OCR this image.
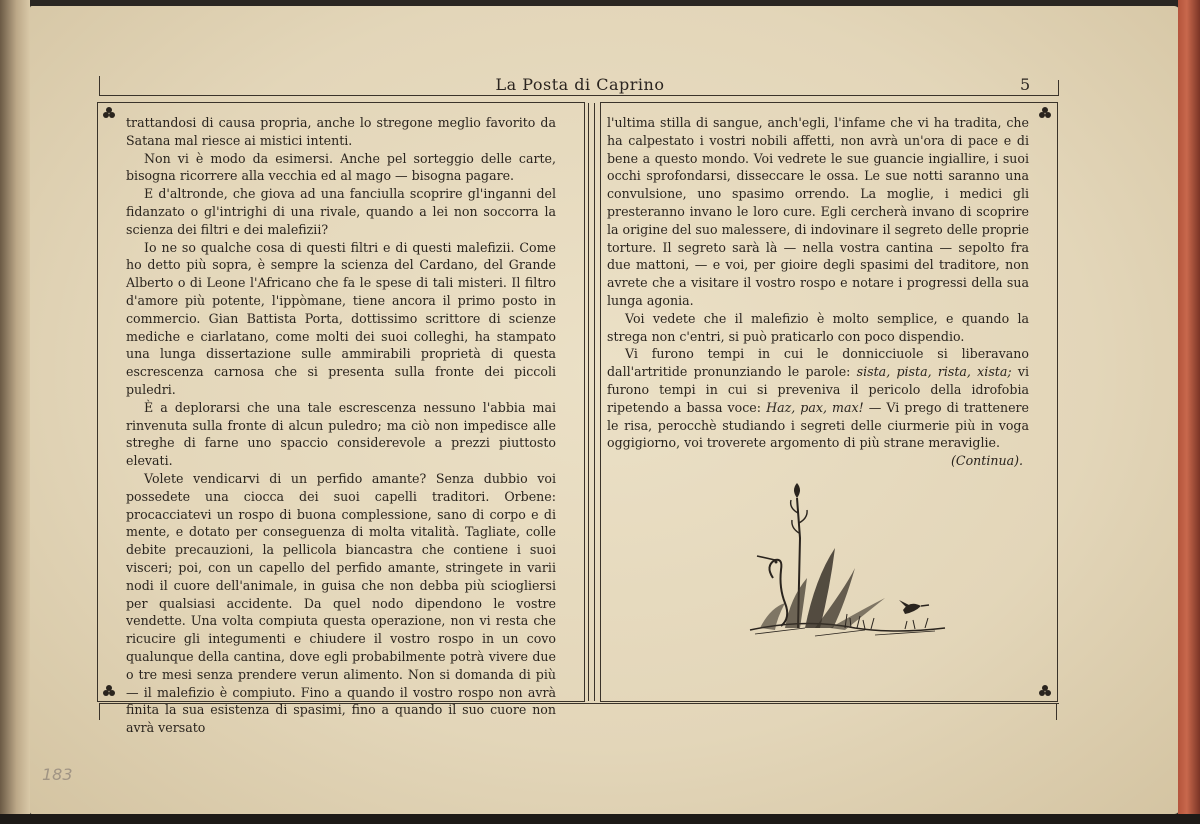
La Posta di Caprino	5

trattandosi di causa propria, anche lo stregone meglio favorito da Satana mal riesce ai mistici intenti.

Non vi è modo da esimersi. Anche pel sorteggio delle carte, bisogna ricorrere alla vecchia ed al mago — bisogna pagare.

E d'altronde, che giova ad una fanciulla scoprire gl'inganni del fidanzato o gl'intrighi di una rivale, quando a lei non soccorra la scienza dei filtri e dei malefizii?

Io ne so qualche cosa di questi filtri e di questi malefizii. Come ho detto più sopra, è sempre la scienza del Cardano, del Grande Alberto o di Leone l'Africano che fa le spese di tali misteri. Il filtro d'amore più potente, l'ippòmane, tiene ancora il primo posto in commercio. Gian Battista Porta, dottissimo scrittore di scienze mediche e ciarlatano, come molti dei suoi colleghi, ha stampato una lunga dissertazione sulle ammirabili proprietà di questa escrescenza carnosa che si presenta sulla fronte dei piccoli puledri.

È a deplorarsi che una tale escrescenza nessuno l'abbia mai rinvenuta sulla fronte di alcun puledro; ma ciò non impedisce alle streghe di farne uno spaccio considerevole a prezzi piuttosto elevati.

Volete vendicarvi di un perfido amante? Senza dubbio voi possedete una ciocca dei suoi capelli traditori. Orbene: procacciatevi un rospo di buona complessione, sano di corpo e di mente, e dotato per conseguenza di molta vitalità. Tagliate, colle debite precauzioni, la pellicola biancastra che contiene i suoi visceri; poi, con un capello del perfido amante, stringete in varii nodi il cuore dell'animale, in guisa che non debba più sciogliersi per qualsiasi accidente. Da quel nodo dipendono le vostre vendette. Una volta compiuta questa operazione, non vi resta che ricucire gli integumenti e chiudere il vostro rospo in un covo qualunque della cantina, dove egli probabilmente potrà vivere due o tre mesi senza prendere verun alimento. Non si domanda di più — il malefizio è compiuto. Fino a quando il vostro rospo non avrà finita la sua esistenza di spasimi, fino a quando il suo cuore non avrà versato

l'ultima stilla di sangue, anch'egli, l'infame che vi ha tradita, che ha calpestato i vostri nobili affetti, non avrà un'ora di pace e di bene a questo mondo. Voi vedrete le sue guancie ingiallire, i suoi occhi sprofondarsi, disseccare le ossa. Le sue notti saranno una convulsione, uno spasimo orrendo. La moglie, i medici gli presteranno invano le loro cure. Egli cercherà invano di scoprire la origine del suo malessere, di indovinare il segreto delle proprie torture. Il segreto sarà là — nella vostra cantina — sepolto fra due mattoni, — e voi, per gioire degli spasimi del traditore, non avrete che a visitare il vostro rospo e notare i progressi della sua lunga agonia.

Voi vedete che il malefizio è molto semplice, e quando la strega non c'entri, si può praticarlo con poco dispendio.

Vi furono tempi in cui le donnicciuole si liberavano dall'artritide pronunziando le parole: sista, pista, rista, xista; vi furono tempi in cui si preveniva il pericolo della idrofobia ripetendo a bassa voce: Haz, pax, max! — Vi prego di trattenere le risa, perocchè studiando i segreti delle ciurmerie più in voga oggigiorno, voi troverete argomento di più strane meraviglie.

(Continua).

183
